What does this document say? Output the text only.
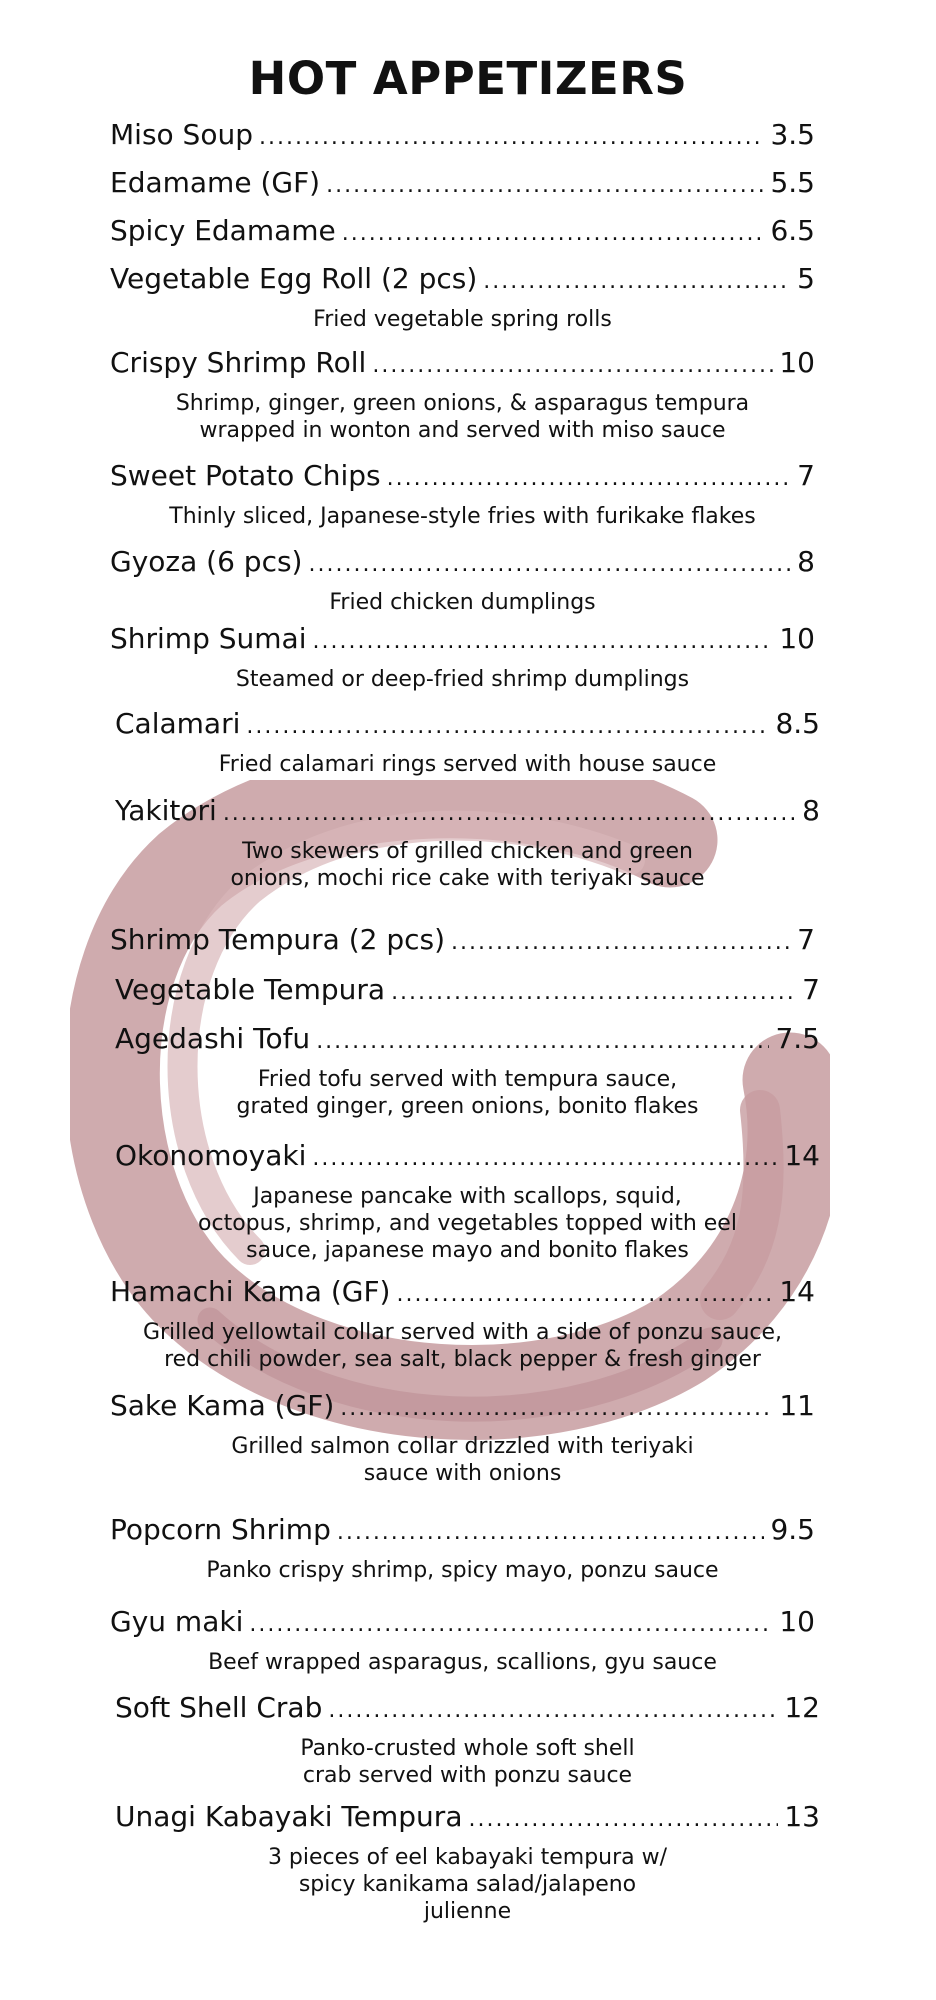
HOT APPETIZERS
Miso Soup .....	3.5
Edamame (GF) .....	5.5
Spicy Edamame .....	6.5
Vegetable Egg Roll (2 pcs) .....	5
Fried vegetable spring rolls
Crispy Shrimp Roll .....	10
Shrimp, ginger, green onions, & asparagus tempura
wrapped in wonton and served with miso sauce
Sweet Potato Chips .....	7
Thinly sliced, Japanese-style fries with furikake flakes
Gyoza (6 pcs) .....	8
Fried chicken dumplings
Shrimp Sumai .....	10
Steamed or deep-fried shrimp dumplings
Calamari .....	8.5
Fried calamari rings served with house sauce
Yakitori .....	8
Two skewers of grilled chicken and green
onions, mochi rice cake with teriyaki sauce
Shrimp Tempura (2 pcs) .....	7
Vegetable Tempura .....	7
Agedashi Tofu .....	7.5
Fried tofu served with tempura sauce,
grated ginger, green onions, bonito flakes
Okonomoyaki .....	14
Japanese pancake with scallops, squid,
octopus, shrimp, and vegetables topped with eel
sauce, japanese mayo and bonito flakes
Hamachi Kama (GF) .....	14
Grilled yellowtail collar served with a side of ponzu sauce,
red chili powder, sea salt, black pepper & fresh ginger
Sake Kama (GF) .....	11
Grilled salmon collar drizzled with teriyaki
sauce with onions
Popcorn Shrimp .....	9.5
Panko crispy shrimp, spicy mayo, ponzu sauce
Gyu maki .....	10
Beef wrapped asparagus, scallions, gyu sauce
Soft Shell Crab .....	12
Panko-crusted whole soft shell
crab served with ponzu sauce
Unagi Kabayaki Tempura .....	13
3 pieces of eel kabayaki tempura w/
spicy kanikama salad/jalapeno
julienne
